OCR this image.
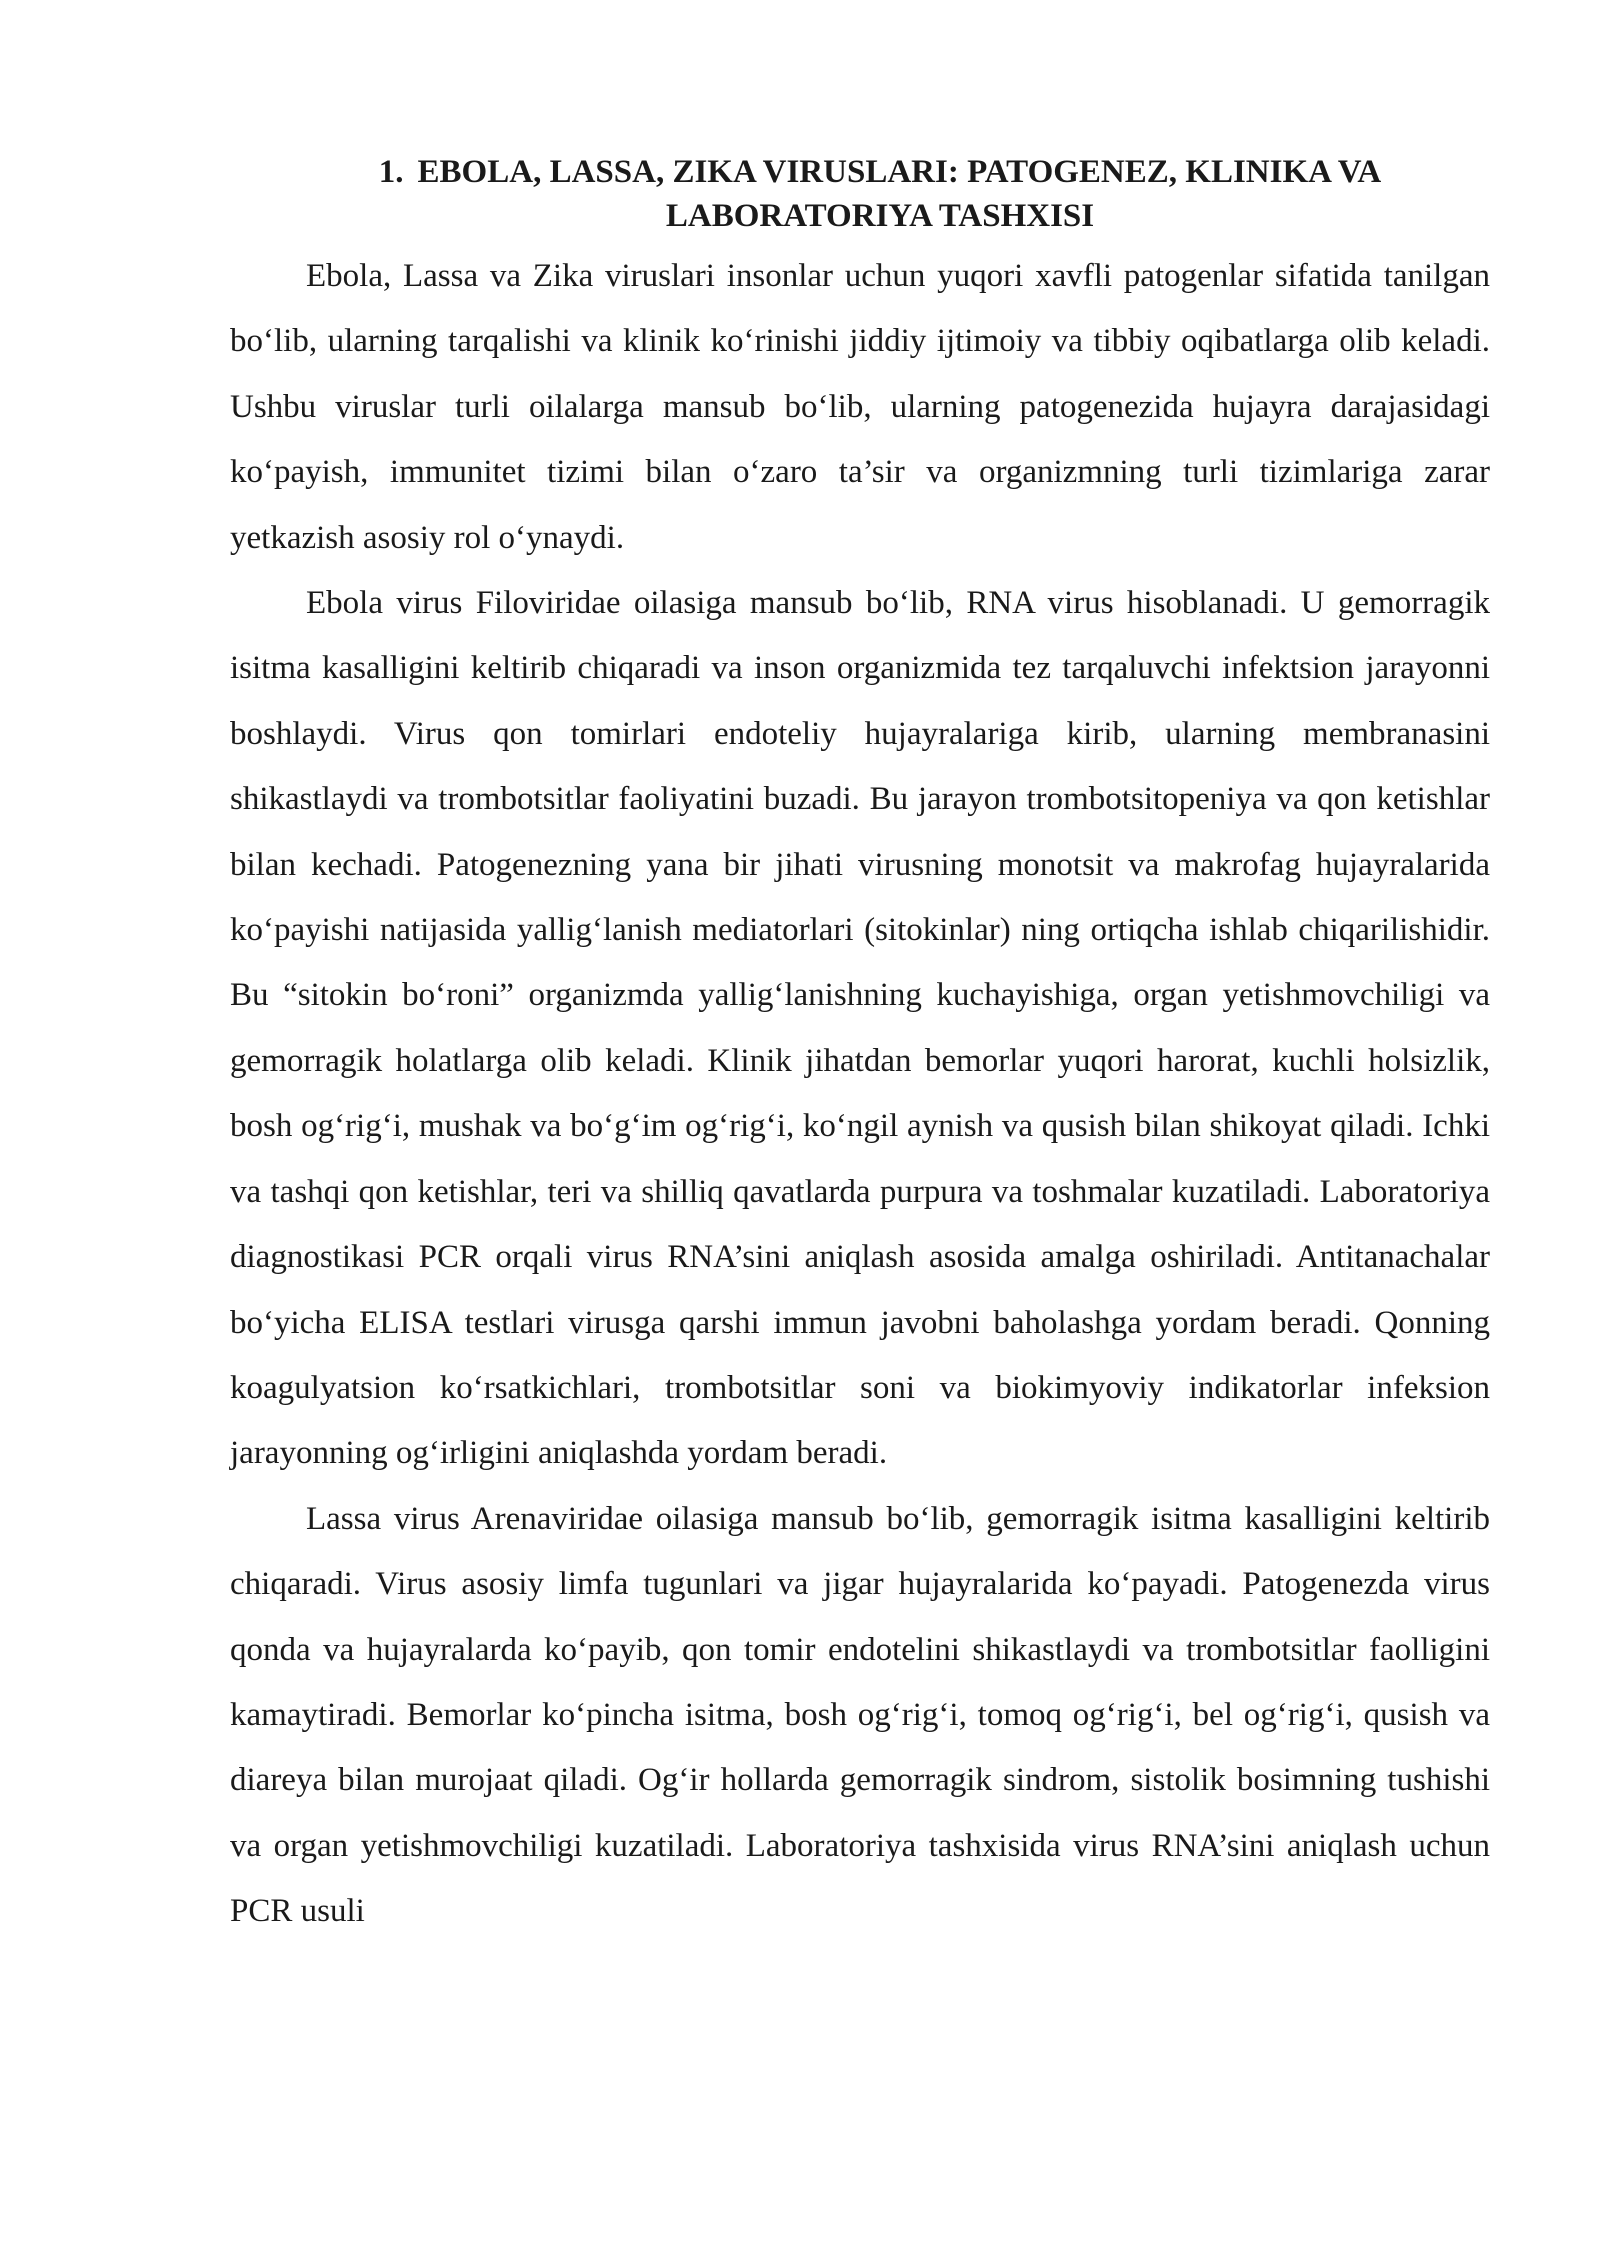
1. EBOLA, LASSA, ZIKA VIRUSLARI: PATOGENEZ, KLINIKA VA LABORATORIYA TASHXISI

Ebola, Lassa va Zika viruslari insonlar uchun yuqori xavfli patogenlar sifatida tanilgan bo‘lib, ularning tarqalishi va klinik ko‘rinishi jiddiy ijtimoiy va tibbiy oqibatlarga olib keladi. Ushbu viruslar turli oilalarga mansub bo‘lib, ularning patogenezida hujayra darajasidagi ko‘payish, immunitet tizimi bilan o‘zaro ta’sir va organizmning turli tizimlariga zarar yetkazish asosiy rol o‘ynaydi.

Ebola virus Filoviridae oilasiga mansub bo‘lib, RNA virus hisoblanadi. U gemorragik isitma kasalligini keltirib chiqaradi va inson organizmida tez tarqaluvchi infektsion jarayonni boshlaydi. Virus qon tomirlari endoteliy hujayralariga kirib, ularning membranasini shikastlaydi va trombotsitlar faoliyatini buzadi. Bu jarayon trombotsitopeniya va qon ketishlar bilan kechadi. Patogenezning yana bir jihati virusning monotsit va makrofag hujayralarida ko‘payishi natijasida yallig‘lanish mediatorlari (sitokinlar) ning ortiqcha ishlab chiqarilishidir. Bu “sitokin bo‘roni” organizmda yallig‘lanishning kuchayishiga, organ yetishmovchiligi va gemorragik holatlarga olib keladi. Klinik jihatdan bemorlar yuqori harorat, kuchli holsizlik, bosh og‘rig‘i, mushak va bo‘g‘im og‘rig‘i, ko‘ngil aynish va qusish bilan shikoyat qiladi. Ichki va tashqi qon ketishlar, teri va shilliq qavatlarda purpura va toshmalar kuzatiladi. Laboratoriya diagnostikasi PCR orqali virus RNA’sini aniqlash asosida amalga oshiriladi. Antitanachalar bo‘yicha ELISA testlari virusga qarshi immun javobni baholashga yordam beradi. Qonning koagulyatsion ko‘rsatkichlari, trombotsitlar soni va biokimyoviy indikatorlar infeksion jarayonning og‘irligini aniqlashda yordam beradi.

Lassa virus Arenaviridae oilasiga mansub bo‘lib, gemorragik isitma kasalligini keltirib chiqaradi. Virus asosiy limfa tugunlari va jigar hujayralarida ko‘payadi. Patogenezda virus qonda va hujayralarda ko‘payib, qon tomir endotelini shikastlaydi va trombotsitlar faolligini kamaytiradi. Bemorlar ko‘pincha isitma, bosh og‘rig‘i, tomoq og‘rig‘i, bel og‘rig‘i, qusish va diareya bilan murojaat qiladi. Og‘ir hollarda gemorragik sindrom, sistolik bosimning tushishi va organ yetishmovchiligi kuzatiladi. Laboratoriya tashxisida virus RNA’sini aniqlash uchun PCR usuli
